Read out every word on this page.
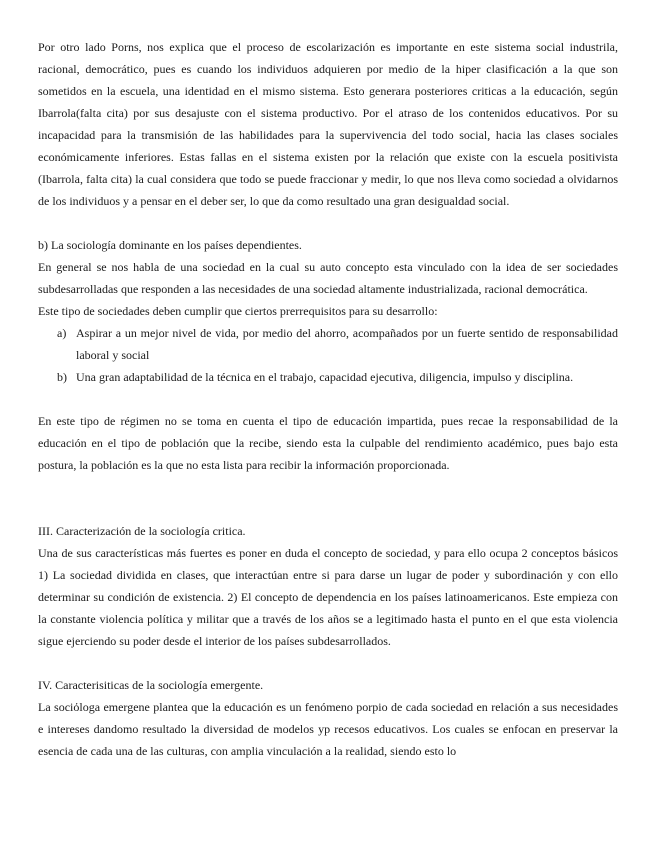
Por otro lado Porns, nos explica que el proceso de escolarización es importante en este sistema social industrila, racional, democrático, pues es cuando los individuos adquieren por medio de la hiper clasificación a la que son sometidos en la escuela, una identidad en el mismo sistema. Esto generara posteriores criticas a la educación, según Ibarrola(falta cita) por sus desajuste con el sistema productivo. Por el atraso de los contenidos educativos. Por su incapacidad para la transmisión de las habilidades para la supervivencia del todo social, hacia las clases sociales económicamente inferiores. Estas fallas en el sistema existen por la relación que existe con la escuela positivista (Ibarrola, falta cita) la cual considera que todo se puede fraccionar y medir, lo que nos lleva como sociedad a olvidarnos de los individuos y a pensar en el deber ser, lo que da como resultado una gran desigualdad social.

b) La sociología dominante en los países dependientes.

En general se nos habla de una sociedad en la cual su auto concepto esta vinculado con la idea de ser sociedades subdesarrolladas que responden a las necesidades de una sociedad altamente industrializada, racional democrática.

Este tipo de sociedades deben cumplir que ciertos prerrequisitos para su desarrollo:

a) Aspirar a un mejor nivel de vida, por medio del ahorro, acompañados por un fuerte sentido de responsabilidad laboral y social
b) Una gran adaptabilidad de la técnica en el trabajo, capacidad ejecutiva, diligencia, impulso y disciplina.

En este tipo de régimen no se toma en cuenta el tipo de educación impartida, pues recae la responsabilidad de la educación en el tipo de población que la recibe, siendo esta la culpable del rendimiento académico, pues bajo esta postura, la población es la que no esta lista para recibir la información proporcionada.

III. Caracterización de la sociología critica.

Una de sus características más fuertes es poner en duda el concepto de sociedad, y para ello ocupa 2 conceptos básicos 1) La sociedad dividida en clases, que interactúan entre si para darse un lugar de poder y subordinación y con ello determinar su condición de existencia. 2) El concepto de dependencia en los países latinoamericanos. Este empieza con la constante violencia política y militar que a través de los años se a legitimado hasta el punto en el que esta violencia sigue ejerciendo su poder desde el interior de los países subdesarrollados.

IV. Caracterisiticas de la sociología emergente.

La sociόloga emergene plantea que la educación es un fenómeno porpio de cada sociedad en relación a sus necesidades e intereses dandomo resultado la diversidad de modelos yp recesos educativos. Los cuales se enfocan en preservar la esencia de cada una de las culturas, con amplia vinculación a la realidad, siendo esto lo
